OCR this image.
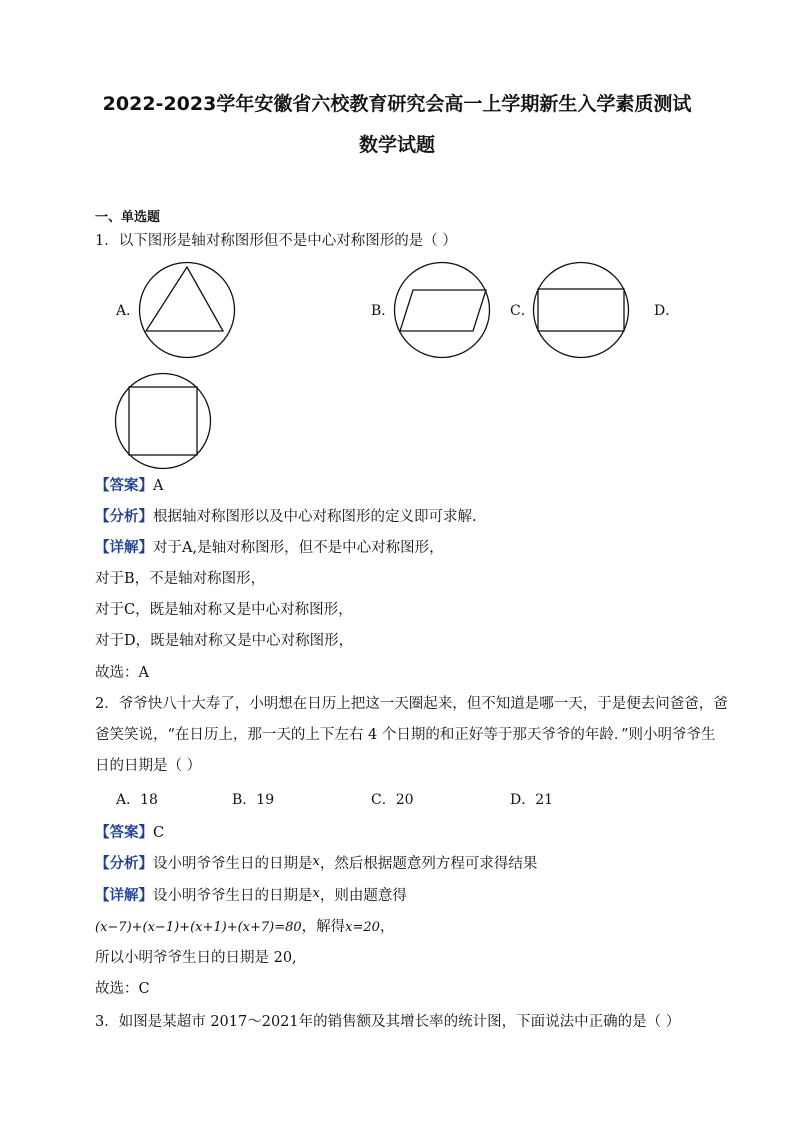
2022-2023学年安徽省六校教育研究会高一上学期新生入学素质测试
数学试题
一、单选题
1．以下图形是轴对称图形但不是中心对称图形的是（ ）
A．	B．	C．	D．
【答案】A
【分析】根据轴对称图形以及中心对称图形的定义即可求解.
【详解】对于A,是轴对称图形，但不是中心对称图形，
对于B，不是轴对称图形，
对于C，既是轴对称又是中心对称图形，
对于D，既是轴对称又是中心对称图形，
故选：A
2．爷爷快八十大寿了，小明想在日历上把这一天圈起来，但不知道是哪一天，于是便去问爸爸，爸
爸笑笑说，“在日历上，那一天的上下左右 4 个日期的和正好等于那天爷爷的年龄．”则小明爷爷生
日的日期是（ ）
A．18	B．19	C．20	D．21
【答案】C
【分析】设小明爷爷生日的日期是x，然后根据题意列方程可求得结果
【详解】设小明爷爷生日的日期是x，则由题意得
(x−7)+(x−1)+(x+1)+(x+7)=80，解得x=20，
所以小明爷爷生日的日期是 20,
故选：C
3．如图是某超市 2017～2021年的销售额及其增长率的统计图，下面说法中正确的是（ ）
